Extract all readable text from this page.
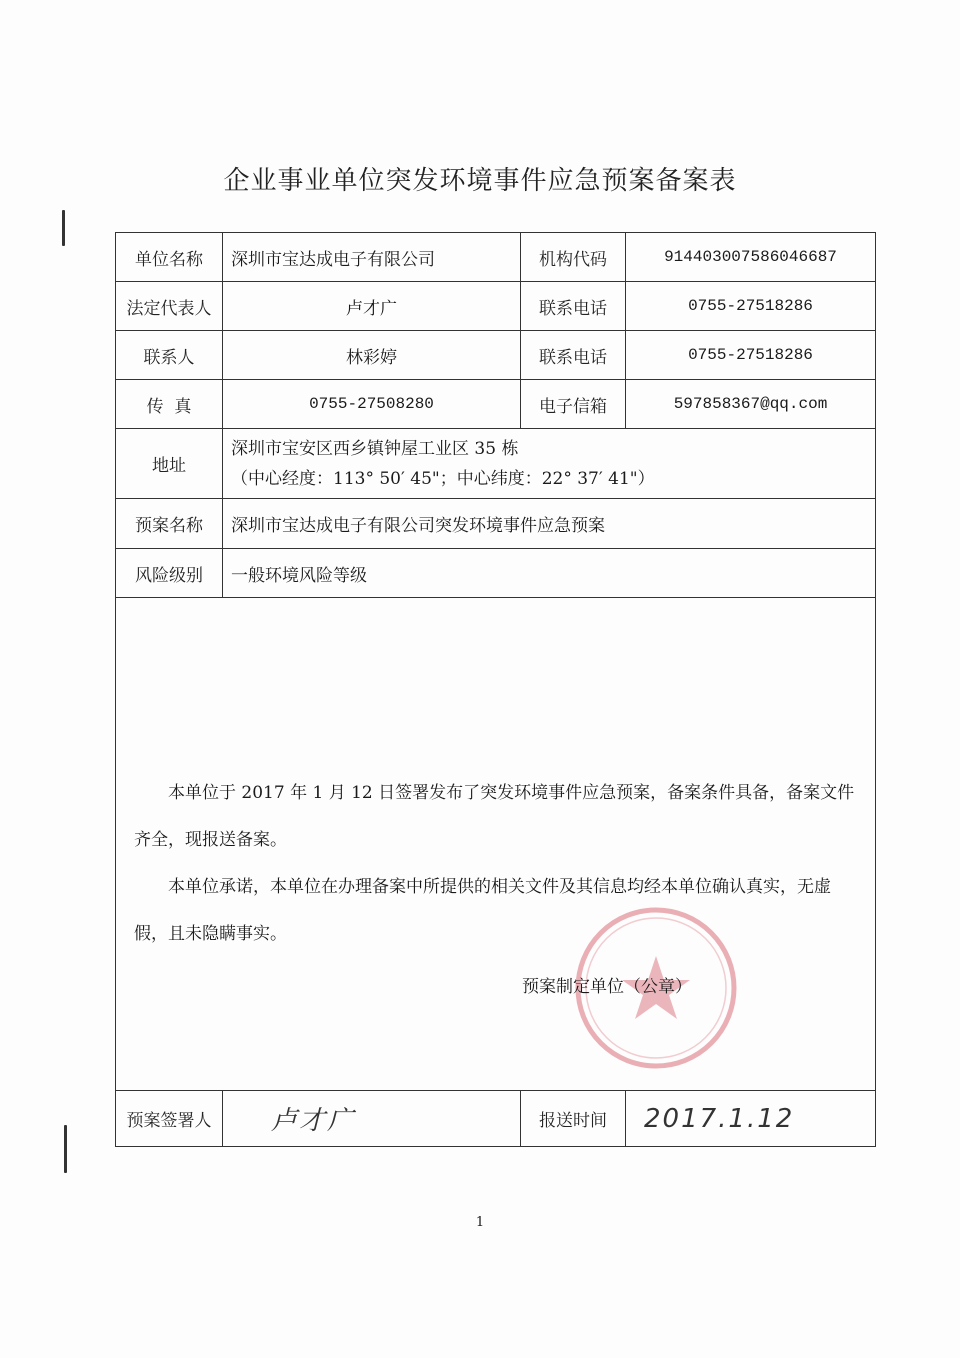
企业事业单位突发环境事件应急预案备案表
单位名称	深圳市宝达成电子有限公司	机构代码	914403007586046687
法定代表人	卢才广	联系电话	0755-27518286
联系人	林彩婷	联系电话	0755-27518286
传  真	0755-27508280	电子信箱	597858367@qq.com
地址	深圳市宝安区西乡镇钟屋工业区 35 栋
（中心经度：113° 50′ 45"；中心纬度：22° 37′ 41"）		

预案名称	深圳市宝达成电子有限公司突发环境事件应急预案		
风险级别	一般环境风险等级		

本单位于 2017 年 1 月 12 日签署发布了突发环境事件应急预案，备案条件具备，备案文件齐全，现报送备案。

本单位承诺，本单位在办理备案中所提供的相关文件及其信息均经本单位确认真实，无虚假，且未隐瞒事实。

预案制定单位（公章）			

预案签署人	卢才广	报送时间	2017.1.12
1
